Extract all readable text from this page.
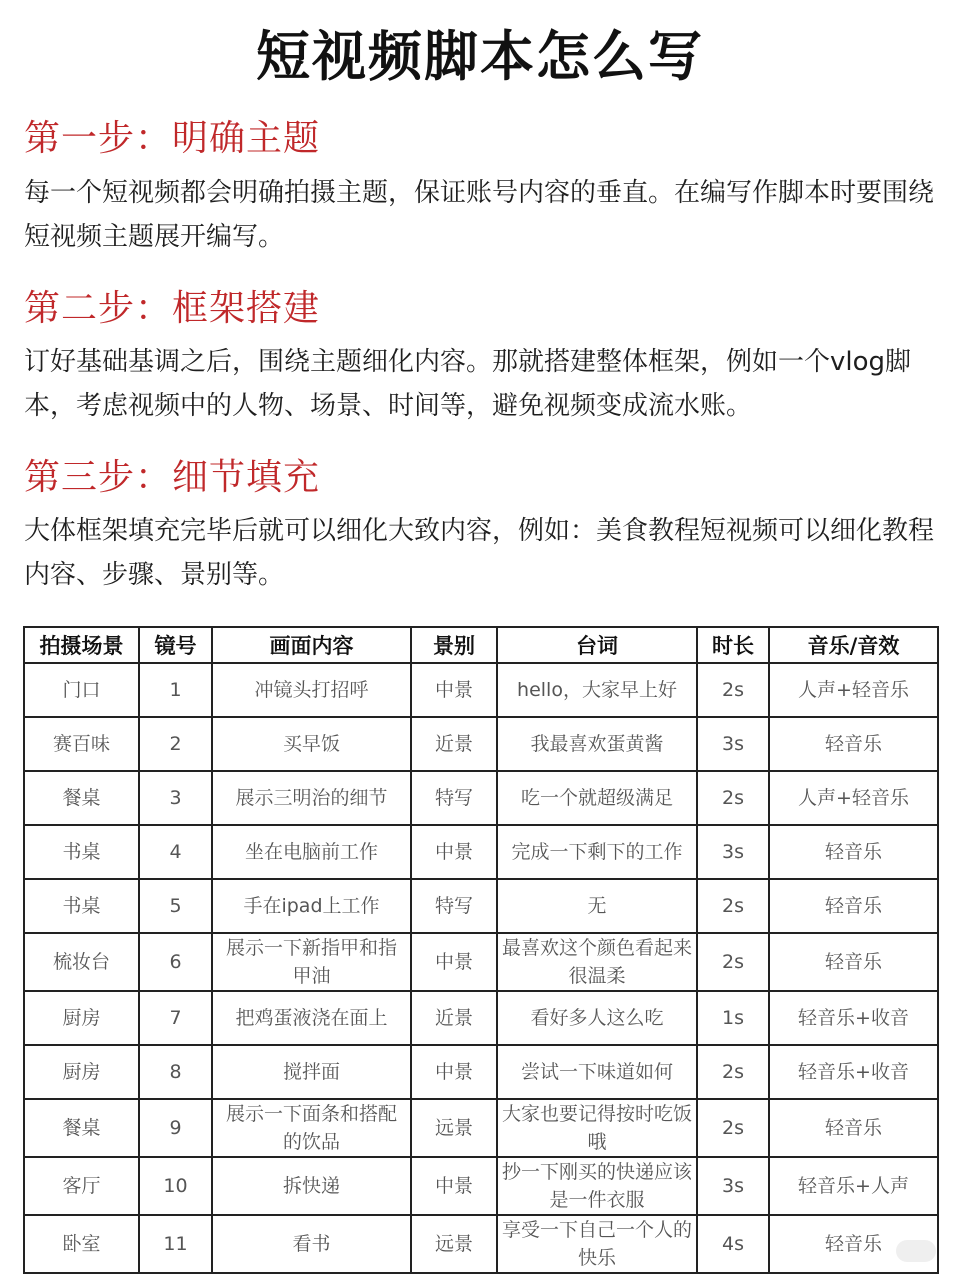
短视频脚本怎么写
第一步：明确主题
每一个短视频都会明确拍摄主题，保证账号内容的垂直。在编写作脚本时要围绕短视频主题展开编写。
第二步：框架搭建
订好基础基调之后，围绕主题细化内容。那就搭建整体框架，例如一个vlog脚本，考虑视频中的人物、场景、时间等，避免视频变成流水账。
第三步：细节填充
大体框架填充完毕后就可以细化大致内容，例如：美食教程短视频可以细化教程内容、步骤、景别等。
拍摄场景	镜号	画面内容	景别	台词	时长	音乐/音效
门口	1	冲镜头打招呼	中景	hello，大家早上好	2s	人声+轻音乐
赛百味	2	买早饭	近景	我最喜欢蛋黄酱	3s	轻音乐
餐桌	3	展示三明治的细节	特写	吃一个就超级满足	2s	人声+轻音乐
书桌	4	坐在电脑前工作	中景	完成一下剩下的工作	3s	轻音乐
书桌	5	手在ipad上工作	特写	无	2s	轻音乐
梳妆台	6	展示一下新指甲和指甲油	中景	最喜欢这个颜色看起来很温柔	2s	轻音乐
厨房	7	把鸡蛋液浇在面上	近景	看好多人这么吃	1s	轻音乐+收音
厨房	8	搅拌面	中景	尝试一下味道如何	2s	轻音乐+收音
餐桌	9	展示一下面条和搭配的饮品	远景	大家也要记得按时吃饭哦	2s	轻音乐
客厅	10	拆快递	中景	抄一下刚买的快递应该是一件衣服	3s	轻音乐+人声
卧室	11	看书	远景	享受一下自己一个人的快乐	4s	轻音乐
